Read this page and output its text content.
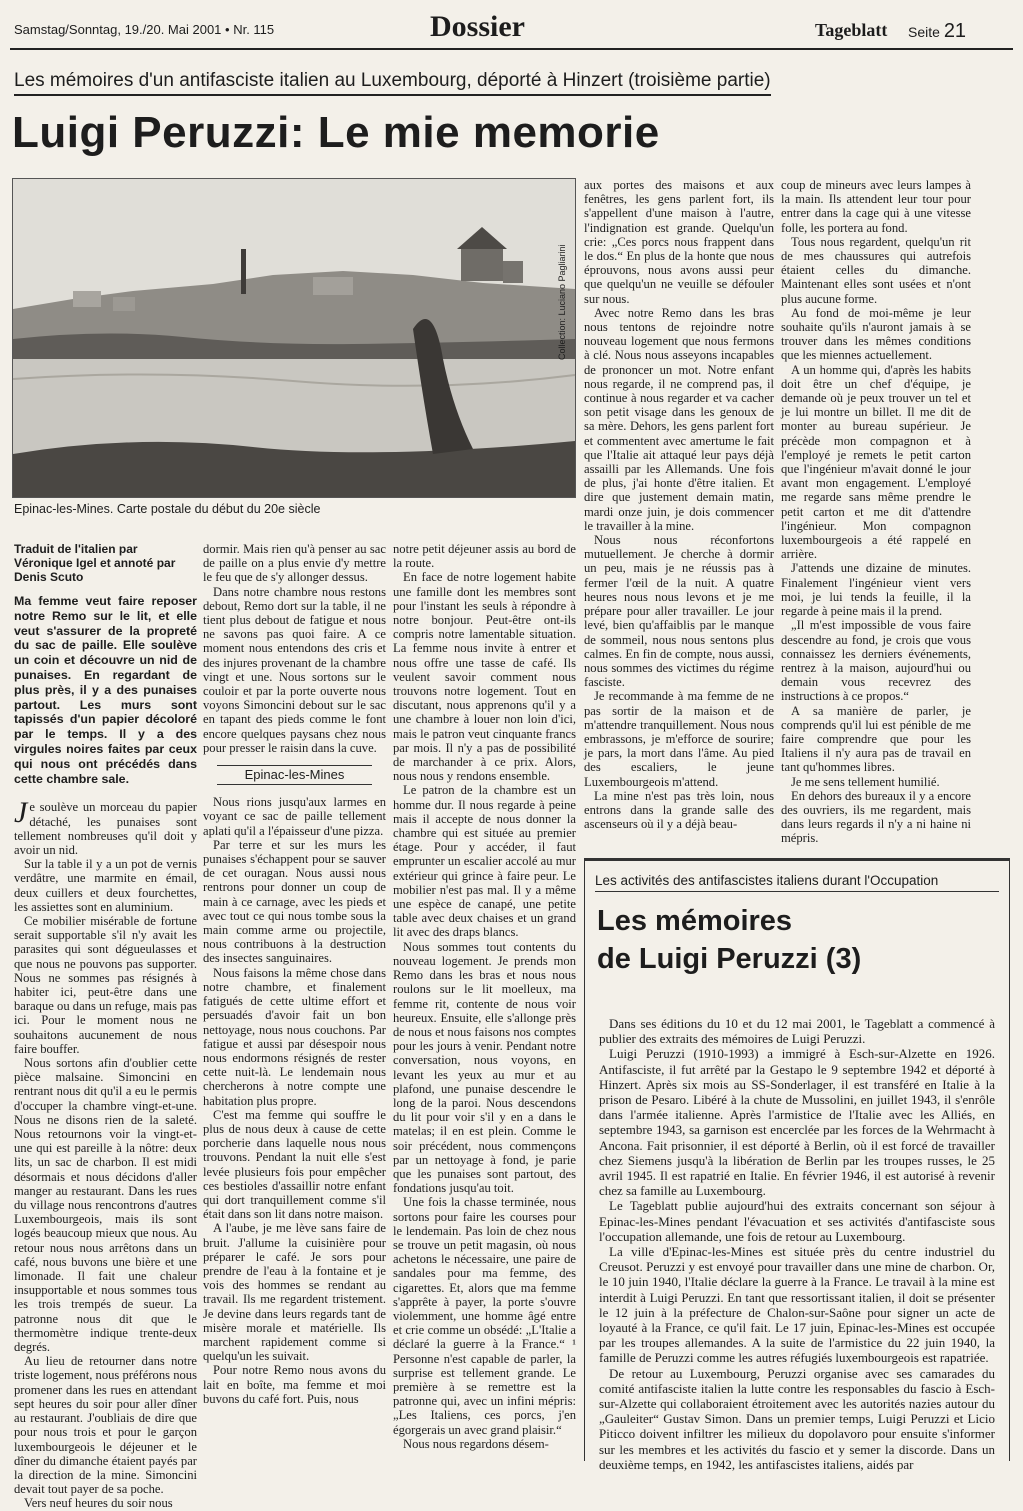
Samstag/Sonntag, 19./20. Mai 2001 • Nr. 115	Dossier	Tageblatt Seite 21
Les mémoires d'un antifasciste italien au Luxembourg, déporté à Hinzert (troisième partie)
Luigi Peruzzi: Le mie memorie
Collection: Luciano Pagliarini
Epinac-les-Mines. Carte postale du début du 20e siècle
Traduit de l'italien par
Véronique Igel et annoté par
Denis Scuto
Ma femme veut faire reposer notre Remo sur le lit, et elle veut s'assurer de la propreté du sac de paille. Elle soulève un coin et découvre un nid de punaises. En regardant de plus près, il y a des punaises partout. Les murs sont tapissés d'un papier décoloré par le temps. Il y a des virgules noires faites par ceux qui nous ont précédés dans cette chambre sale.

Je soulève un morceau du papier détaché, les punaises sont tellement nombreuses qu'il doit y avoir un nid.

Sur la table il y a un pot de vernis verdâtre, une marmite en émail, deux cuillers et deux fourchettes, les assiettes sont en aluminium.

Ce mobilier misérable de fortune serait supportable s'il n'y avait les parasites qui sont dégueulasses et que nous ne pouvons pas supporter. Nous ne sommes pas résignés à habiter ici, peut-être dans une baraque ou dans un refuge, mais pas ici. Pour le moment nous ne souhaitons aucunement de nous faire bouffer.

Nous sortons afin d'oublier cette pièce malsaine. Simoncini en rentrant nous dit qu'il a eu le permis d'occuper la chambre vingt-et-une. Nous ne disons rien de la saleté. Nous retournons voir la vingt-et-une qui est pareille à la nôtre: deux lits, un sac de charbon. Il est midi désormais et nous décidons d'aller manger au restaurant. Dans les rues du village nous rencontrons d'autres Luxembourgeois, mais ils sont logés beaucoup mieux que nous. Au retour nous nous arrêtons dans un café, nous buvons une bière et une limonade. Il fait une chaleur insupportable et nous sommes tous les trois trempés de sueur. La patronne nous dit que le thermomètre indique trente-deux degrés.

Au lieu de retourner dans notre triste logement, nous préférons nous promener dans les rues en attendant sept heures du soir pour aller dîner au restaurant. J'oubliais de dire que pour nous trois et pour le garçon luxembourgeois le déjeuner et le dîner du dimanche étaient payés par la direction de la mine. Simoncini devait tout payer de sa poche.

Vers neuf heures du soir nous

dormir. Mais rien qu'à penser au sac de paille on a plus envie d'y mettre le feu que de s'y allonger dessus.

Dans notre chambre nous restons debout, Remo dort sur la table, il ne tient plus debout de fatigue et nous ne savons pas quoi faire. A ce moment nous entendons des cris et des injures provenant de la chambre vingt et une. Nous sortons sur le couloir et par la porte ouverte nous voyons Simoncini debout sur le sac en tapant des pieds comme le font encore quelques paysans chez nous pour presser le raisin dans la cuve.

Epinac-les-Mines

Nous rions jusqu'aux larmes en voyant ce sac de paille tellement aplati qu'il a l'épaisseur d'une pizza.

Par terre et sur les murs les punaises s'échappent pour se sauver de cet ouragan. Nous aussi nous rentrons pour donner un coup de main à ce carnage, avec les pieds et avec tout ce qui nous tombe sous la main comme arme ou projectile, nous contribuons à la destruction des insectes sanguinaires.

Nous faisons la même chose dans notre chambre, et finalement fatigués de cette ultime effort et persuadés d'avoir fait un bon nettoyage, nous nous couchons. Par fatigue et aussi par désespoir nous nous endormons résignés de rester cette nuit-là. Le lendemain nous chercherons à notre compte une habitation plus propre.

C'est ma femme qui souffre le plus de nous deux à cause de cette porcherie dans laquelle nous nous trouvons. Pendant la nuit elle s'est levée plusieurs fois pour empêcher ces bestioles d'assaillir notre enfant qui dort tranquillement comme s'il était dans son lit dans notre maison.

A l'aube, je me lève sans faire de bruit. J'allume la cuisinière pour préparer le café. Je sors pour prendre de l'eau à la fontaine et je vois des hommes se rendant au travail. Ils me regardent tristement. Je devine dans leurs regards tant de misère morale et matérielle. Ils marchent rapidement comme si quelqu'un les suivait.

Pour notre Remo nous avons du lait en boîte, ma femme et moi buvons du café fort. Puis, nous

notre petit déjeuner assis au bord de la route.

En face de notre logement habite une famille dont les membres sont pour l'instant les seuls à répondre à notre bonjour. Peut-être ont-ils compris notre lamentable situation. La femme nous invite à entrer et nous offre une tasse de café. Ils veulent savoir comment nous trouvons notre logement. Tout en discutant, nous apprenons qu'il y a une chambre à louer non loin d'ici, mais le patron veut cinquante francs par mois. Il n'y a pas de possibilité de marchander à ce prix. Alors, nous nous y rendons ensemble.

Le patron de la chambre est un homme dur. Il nous regarde à peine mais il accepte de nous donner la chambre qui est située au premier étage. Pour y accéder, il faut emprunter un escalier accolé au mur extérieur qui grince à faire peur. Le mobilier n'est pas mal. Il y a même une espèce de canapé, une petite table avec deux chaises et un grand lit avec des draps blancs.

Nous sommes tout contents du nouveau logement. Je prends mon Remo dans les bras et nous nous roulons sur le lit moelleux, ma femme rit, contente de nous voir heureux. Ensuite, elle s'allonge près de nous et nous faisons nos comptes pour les jours à venir. Pendant notre conversation, nous voyons, en levant les yeux au mur et au plafond, une punaise descendre le long de la paroi. Nous descendons du lit pour voir s'il y en a dans le matelas; il en est plein. Comme le soir précédent, nous commençons par un nettoyage à fond, je parie que les punaises sont partout, des fondations jusqu'au toit.

Une fois la chasse terminée, nous sortons pour faire les courses pour le lendemain. Pas loin de chez nous se trouve un petit magasin, où nous achetons le nécessaire, une paire de sandales pour ma femme, des cigarettes. Et, alors que ma femme s'apprête à payer, la porte s'ouvre violemment, une homme âgé entre et crie comme un obsédé: „L'Italie a déclaré la guerre à la France.“ ¹ Personne n'est capable de parler, la surprise est tellement grande. Le première à se remettre est la patronne qui, avec un infini mépris: „Les Italiens, ces porcs, j'en égorgerais un avec grand plaisir.“

Nous nous regardons désem-

aux portes des maisons et aux fenêtres, les gens parlent fort, ils s'appellent d'une maison à l'autre, l'indignation est grande. Quelqu'un crie: „Ces porcs nous frappent dans le dos.“ En plus de la honte que nous éprouvons, nous avons aussi peur que quelqu'un ne veuille se défouler sur nous.

Avec notre Remo dans les bras nous tentons de rejoindre notre nouveau logement que nous fermons à clé. Nous nous asseyons incapables de prononcer un mot. Notre enfant nous regarde, il ne comprend pas, il continue à nous regarder et va cacher son petit visage dans les genoux de sa mère. Dehors, les gens parlent fort et commentent avec amertume le fait que l'Italie ait attaqué leur pays déjà assailli par les Allemands. Une fois de plus, j'ai honte d'être italien. Et dire que justement demain matin, mardi onze juin, je dois commencer le travailler à la mine.

Nous nous réconfortons mutuellement. Je cherche à dormir un peu, mais je ne réussis pas à fermer l'œil de la nuit. A quatre heures nous nous levons et je me prépare pour aller travailler. Le jour levé, bien qu'affaiblis par le manque de sommeil, nous nous sentons plus calmes. En fin de compte, nous aussi, nous sommes des victimes du régime fasciste.

Je recommande à ma femme de ne pas sortir de la maison et de m'attendre tranquillement. Nous nous embrassons, je m'efforce de sourire; je pars, la mort dans l'âme. Au pied des escaliers, le jeune Luxembourgeois m'attend.

La mine n'est pas très loin, nous entrons dans la grande salle des ascenseurs où il y a déjà beau-

coup de mineurs avec leurs lampes à la main. Ils attendent leur tour pour entrer dans la cage qui à une vitesse folle, les portera au fond.

Tous nous regardent, quelqu'un rit de mes chaussures qui autrefois étaient celles du dimanche. Maintenant elles sont usées et n'ont plus aucune forme.

Au fond de moi-même je leur souhaite qu'ils n'auront jamais à se trouver dans les mêmes conditions que les miennes actuellement.

A un homme qui, d'après les habits doit être un chef d'équipe, je demande où je peux trouver un tel et je lui montre un billet. Il me dit de monter au bureau supérieur. Je précède mon compagnon et à l'employé je remets le petit carton que l'ingénieur m'avait donné le jour avant mon engagement. L'employé me regarde sans même prendre le petit carton et me dit d'attendre l'ingénieur. Mon compagnon luxembourgeois a été rappelé en arrière.

J'attends une dizaine de minutes. Finalement l'ingénieur vient vers moi, je lui tends la feuille, il la regarde à peine mais il la prend.

„Il m'est impossible de vous faire descendre au fond, je crois que vous connaissez les derniers événements, rentrez à la maison, aujourd'hui ou demain vous recevrez des instructions à ce propos.“

A sa manière de parler, je comprends qu'il lui est pénible de me faire comprendre que pour les Italiens il n'y aura pas de travail en tant qu'hommes libres.

Je me sens tellement humilié.

En dehors des bureaux il y a encore des ouvriers, ils me regardent, mais dans leurs regards il n'y a ni haine ni mépris.

Les activités des antifascistes italiens durant l'Occupation
Les mémoires
de Luigi Peruzzi (3)

Dans ses éditions du 10 et du 12 mai 2001, le Tageblatt a commencé à publier des extraits des mémoires de Luigi Peruzzi.

Luigi Peruzzi (1910-1993) a immigré à Esch-sur-Alzette en 1926. Antifasciste, il fut arrêté par la Gestapo le 9 septembre 1942 et déporté à Hinzert. Après six mois au SS-Sonderlager, il est transféré en Italie à la prison de Pesaro. Libéré à la chute de Mussolini, en juillet 1943, il s'enrôle dans l'armée italienne. Après l'armistice de l'Italie avec les Alliés, en septembre 1943, sa garnison est encerclée par les forces de la Wehrmacht à Ancona. Fait prisonnier, il est déporté à Berlin, où il est forcé de travailler chez Siemens jusqu'à la libération de Berlin par les troupes russes, le 25 avril 1945. Il est rapatrié en Italie. En février 1946, il est autorisé à revenir chez sa famille au Luxembourg.

Le Tageblatt publie aujourd'hui des extraits concernant son séjour à Epinac-les-Mines pendant l'évacuation et ses activités d'antifasciste sous l'occupation allemande, une fois de retour au Luxembourg.

La ville d'Epinac-les-Mines est située près du centre industriel du Creusot. Peruzzi y est envoyé pour travailler dans une mine de charbon. Or, le 10 juin 1940, l'Italie déclare la guerre à la France. Le travail à la mine est interdit à Luigi Peruzzi. En tant que ressortissant italien, il doit se présenter le 12 juin à la préfecture de Chalon-sur-Saône pour signer un acte de loyauté à la France, ce qu'il fait. Le 17 juin, Epinac-les-Mines est occupée par les troupes allemandes. A la suite de l'armistice du 22 juin 1940, la famille de Peruzzi comme les autres réfugiés luxembourgeois est rapatriée.

De retour au Luxembourg, Peruzzi organise avec ses camarades du comité antifasciste italien la lutte contre les responsables du fascio à Esch-sur-Alzette qui collaboraient étroitement avec les autorités nazies autour du „Gauleiter“ Gustav Simon. Dans un premier temps, Luigi Peruzzi et Licio Piticco doivent infiltrer les milieux du dopolavoro pour ensuite s'informer sur les membres et les activités du fascio et y semer la discorde. Dans un deuxième temps, en 1942, les antifascistes italiens, aidés par
